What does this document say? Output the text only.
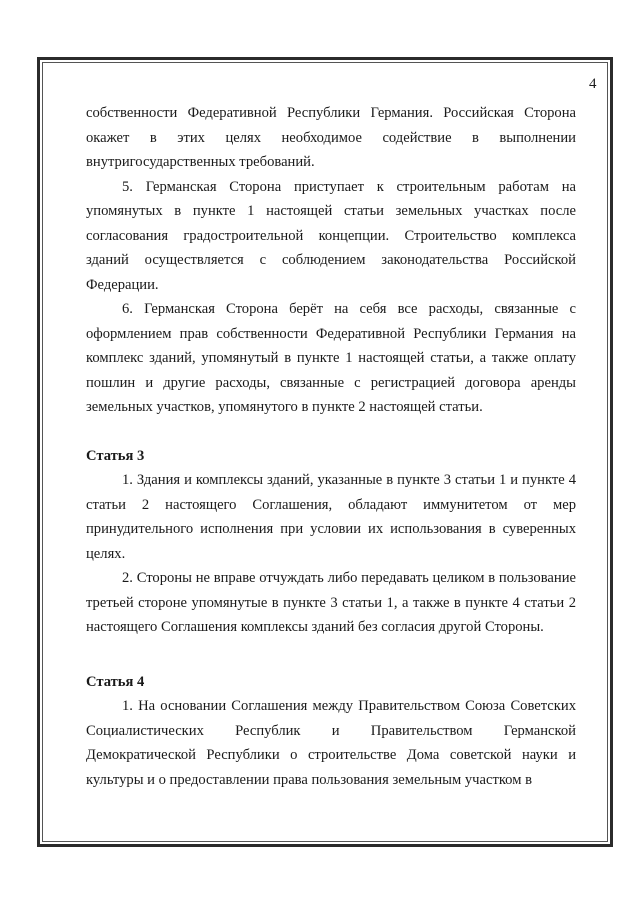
4

собственности Федеративной Республики Германия. Российская Сторона окажет в этих целях необходимое содействие в выполнении внутригосударственных требований.

5. Германская Сторона приступает к строительным работам на упомянутых в пункте 1 настоящей статьи земельных участках после согласования градостроительной концепции. Строительство комплекса зданий осуществляется с соблюдением законодательства Российской Федерации.

6. Германская Сторона берёт на себя все расходы, связанные с оформлением прав собственности Федеративной Республики Германия на комплекс зданий, упомянутый в пункте 1 настоящей статьи, а также оплату пошлин и другие расходы, связанные с регистрацией договора аренды земельных участков, упомянутого в пункте 2 настоящей статьи.

Статья 3

1. Здания и комплексы зданий, указанные в пункте 3 статьи 1 и пункте 4 статьи 2 настоящего Соглашения, обладают иммунитетом от мер принудительного исполнения при условии их использования в суверенных целях.

2. Стороны не вправе отчуждать либо передавать целиком в пользование третьей стороне упомянутые в пункте 3 статьи 1, а также в пункте 4 статьи 2 настоящего Соглашения комплексы зданий без согласия другой Стороны.

Статья 4

1. На основании Соглашения между Правительством Союза Советских Социалистических Республик и Правительством Германской Демократической Республики о строительстве Дома советской науки и культуры и о предоставлении права пользования земельным участком в
